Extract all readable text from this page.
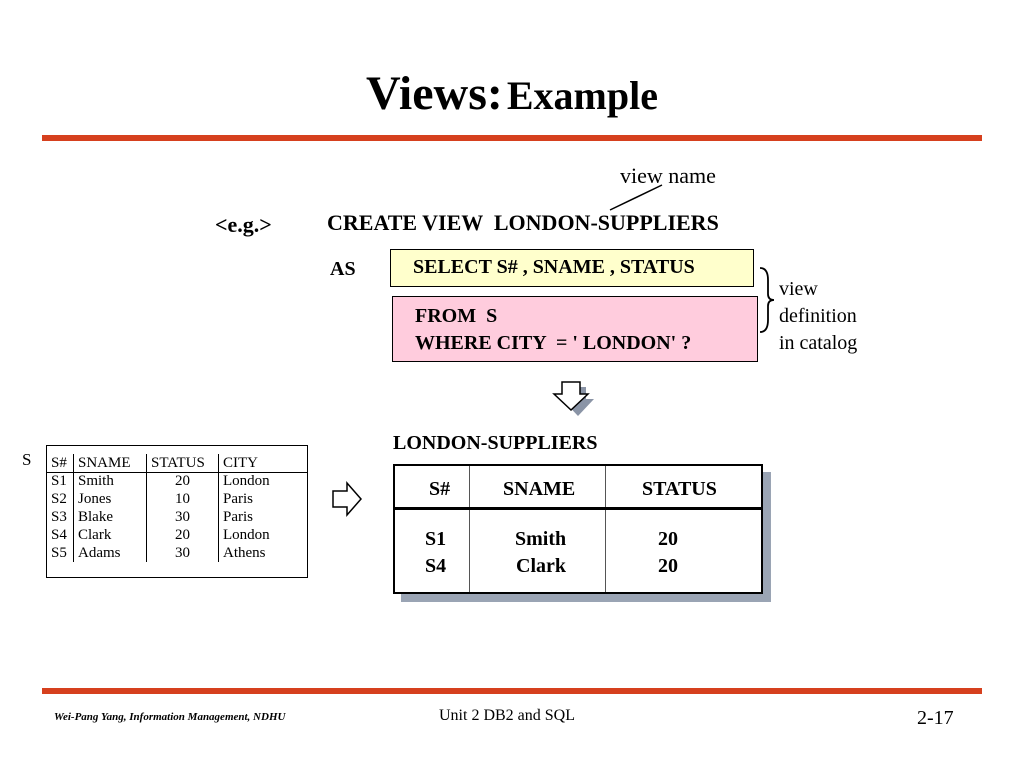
Views: Example
view name
<e.g.>	CREATE VIEW  LONDON-SUPPLIERS
AS	SELECT S# , SNAME , STATUS
FROM  S
WHERE CITY  = ' LONDON' ?
view
definition
in catalog
S S#	SNAME	STATUS	CITY
S1	Smith	20	London
S2	Jones	10	Paris
S3	Blake	30	Paris
S4	Clark	20	London
S5	Adams	30	Athens
LONDON-SUPPLIERS
S#	SNAME	STATUS
S1	Smith	20
S4	Clark	20
Wei-Pang Yang, Information Management, NDHU	Unit 2 DB2 and SQL	2-17
